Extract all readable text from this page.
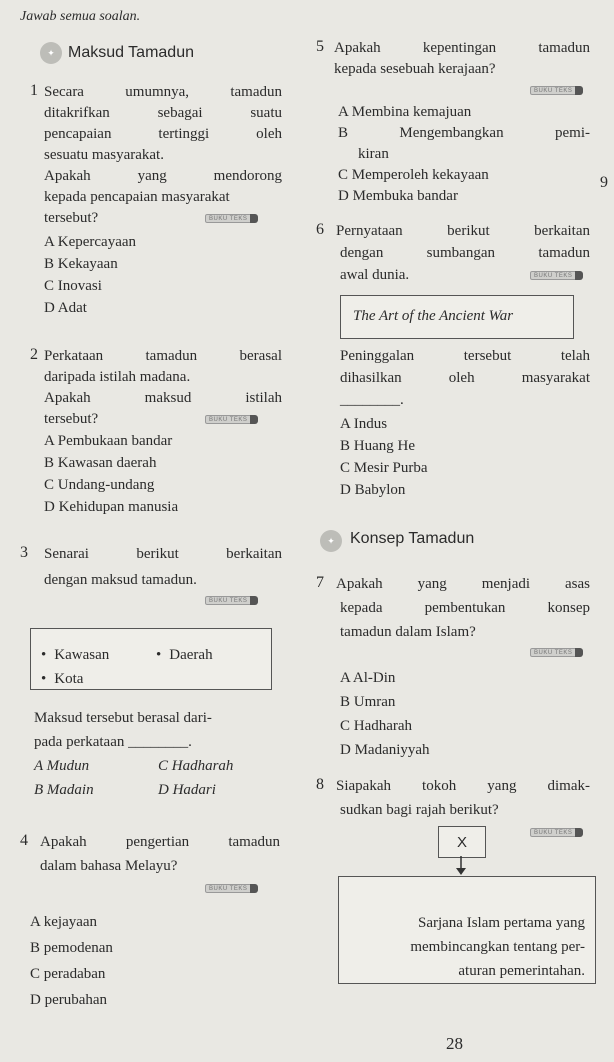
Jawab semua soalan.
✦ Maksud Tamadun
1 Secara umumnya, tamadun
ditakrifkan sebagai suatu
pencapaian tertinggi oleh
sesuatu masyarakat.
Apakah yang mendorong
kepada pencapaian masyarakat
tersebut?	BUKU TEKS
A Kepercayaan
B Kekayaan
C Inovasi
D Adat
2 Perkataan tamadun berasal
daripada istilah madana.
Apakah maksud istilah
tersebut?	BUKU TEKS
A Pembukaan bandar
B Kawasan daerah
C Undang-undang
D Kehidupan manusia
3 Senarai berikut berkaitan
dengan maksud tamadun.
BUKU TEKS
• Kawasan
•	Daerah
• Kota
Maksud tersebut berasal dari-
pada perkataan ________.
A Mudun	C Hadharah
B Madain	D Hadari
4 Apakah pengertian tamadun
dalam bahasa Melayu?
BUKU TEKS
A kejayaan
B pemodenan
C peradaban
D perubahan
5 Apakah kepentingan tamadun
kepada sesebuah kerajaan?
BUKU TEKS
A Membina kemajuan
B Mengembangkan pemi-
kiran
C Memperoleh kekayaan
D Membuka bandar
9
6 Pernyataan berikut berkaitan
dengan sumbangan tamadun
awal dunia.	BUKU TEKS
The Art of the Ancient War
Peninggalan tersebut telah
dihasilkan oleh masyarakat
________.
A Indus
B Huang He
C Mesir Purba
D Babylon
✦ Konsep Tamadun
7 Apakah yang menjadi asas
kepada pembentukan konsep
tamadun dalam Islam?
BUKU TEKS
A Al-Din
B Umran
C Hadharah
D Madaniyyah
8 Siapakah tokoh yang dimak-
sudkan bagi rajah berikut?
BUKU TEKS
X
Sarjana Islam pertama yang
membincangkan tentang per-
aturan pemerintahan.
28
